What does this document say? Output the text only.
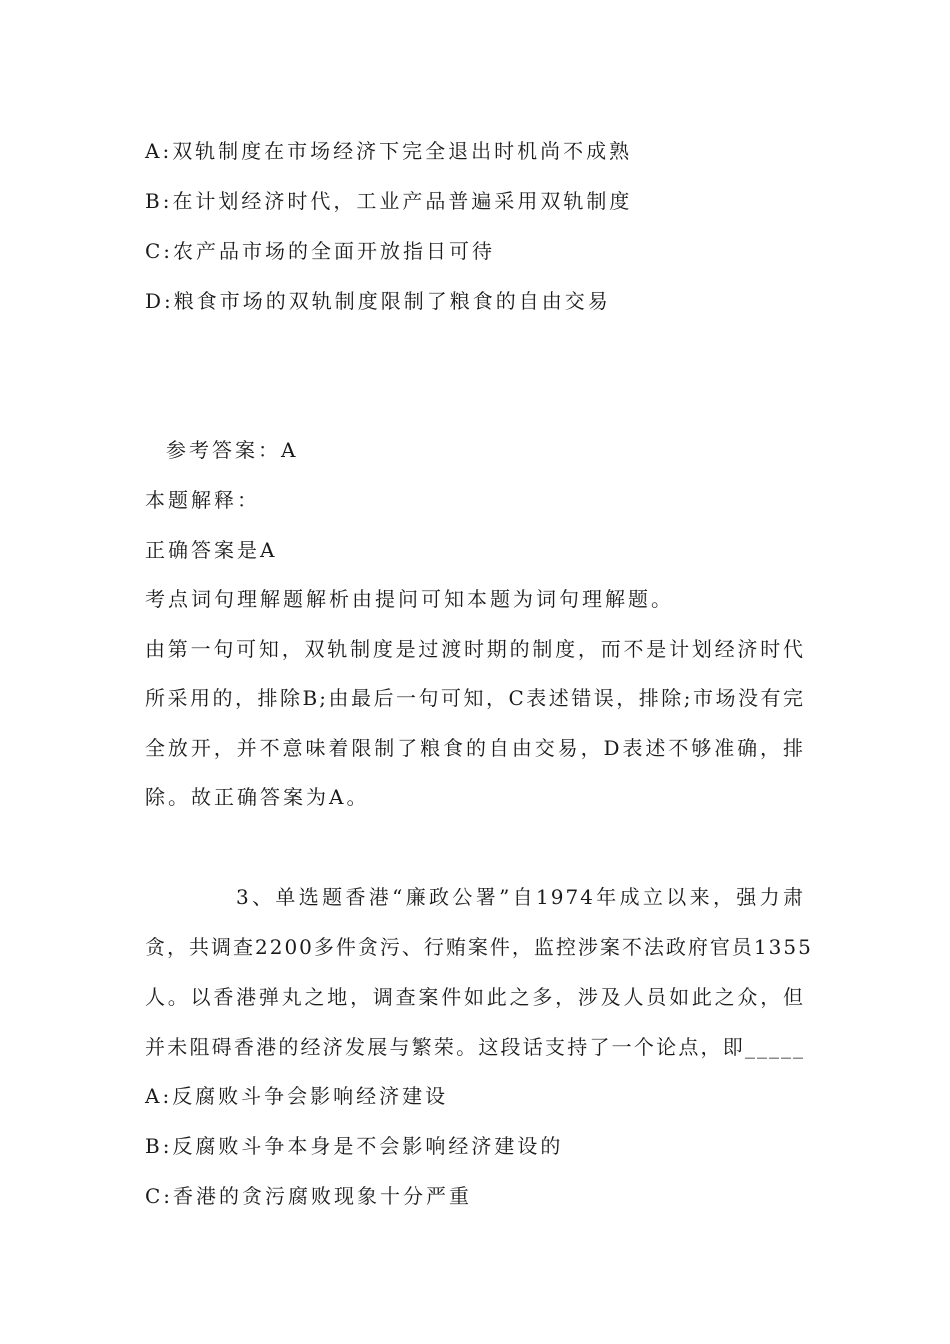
A:双轨制度在市场经济下完全退出时机尚不成熟
B:在计划经济时代，工业产品普遍采用双轨制度
C:农产品市场的全面开放指日可待
D:粮食市场的双轨制度限制了粮食的自由交易
参考答案：A
本题解释：
正确答案是A
考点词句理解题解析由提问可知本题为词句理解题。
由第一句可知，双轨制度是过渡时期的制度，而不是计划经济时代
所采用的，排除B;由最后一句可知，C表述错误，排除;市场没有完
全放开，并不意味着限制了粮食的自由交易，D表述不够准确，排
除。故正确答案为A。
3、单选题香港“廉政公署”自1974年成立以来，强力肃
贪，共调查2200多件贪污、行贿案件，监控涉案不法政府官员1355
人。以香港弹丸之地，调查案件如此之多，涉及人员如此之众，但
并未阻碍香港的经济发展与繁荣。这段话支持了一个论点，即_____
A:反腐败斗争会影响经济建设
B:反腐败斗争本身是不会影响经济建设的
C:香港的贪污腐败现象十分严重
